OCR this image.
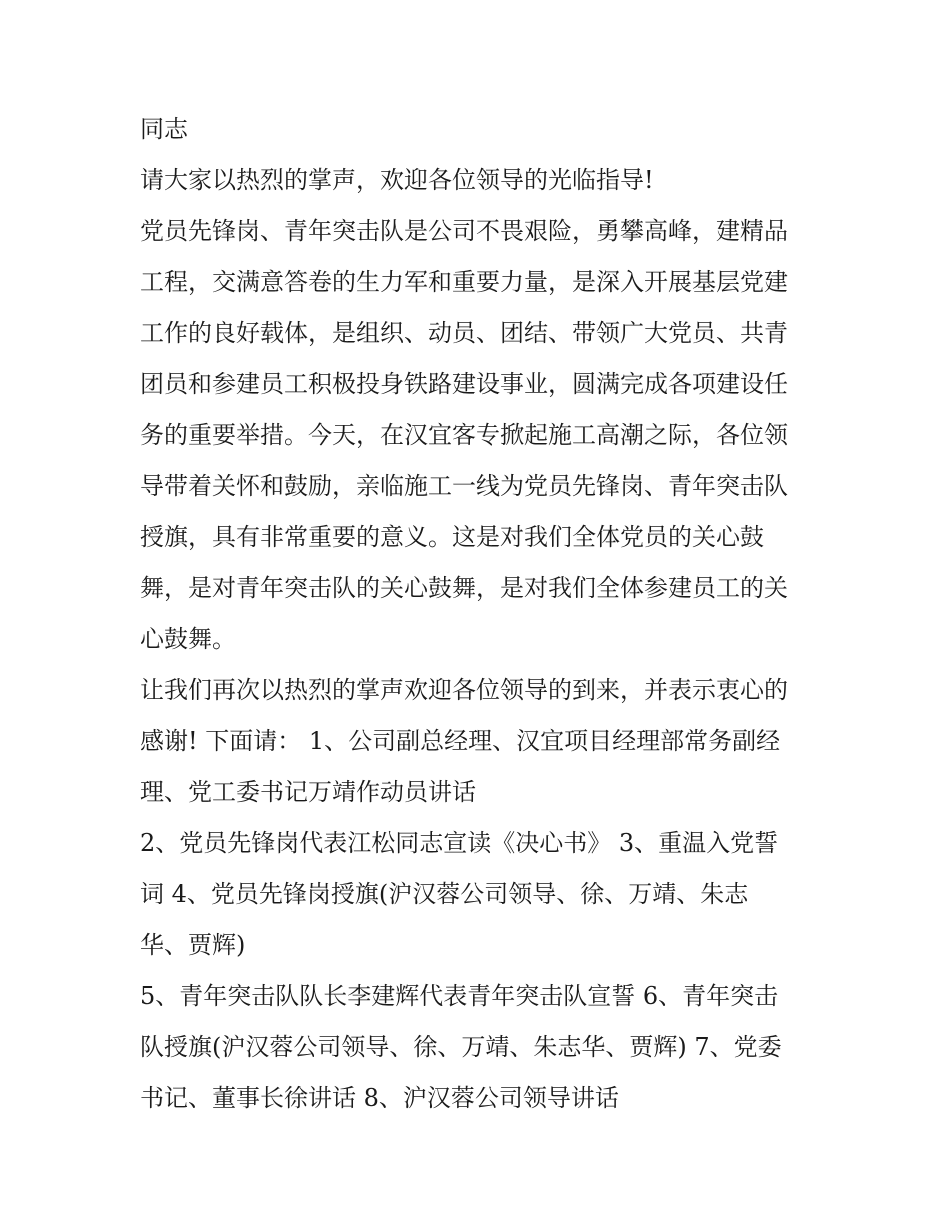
同志
请大家以热烈的掌声，欢迎各位领导的光临指导!
党员先锋岗、青年突击队是公司不畏艰险，勇攀高峰，建精品
工程，交满意答卷的生力军和重要力量，是深入开展基层党建
工作的良好载体，是组织、动员、团结、带领广大党员、共青
团员和参建员工积极投身铁路建设事业，圆满完成各项建设任
务的重要举措。今天，在汉宜客专掀起施工高潮之际，各位领
导带着关怀和鼓励，亲临施工一线为党员先锋岗、青年突击队
授旗，具有非常重要的意义。这是对我们全体党员的关心鼓
舞，是对青年突击队的关心鼓舞，是对我们全体参建员工的关
心鼓舞。
让我们再次以热烈的掌声欢迎各位领导的到来，并表示衷心的
感谢! 下面请： 1、公司副总经理、汉宜项目经理部常务副经
理、党工委书记万靖作动员讲话
2、党员先锋岗代表江松同志宣读《决心书》 3、重温入党誓
词 4、党员先锋岗授旗(沪汉蓉公司领导、徐、万靖、朱志
华、贾辉)
5、青年突击队队长李建辉代表青年突击队宣誓 6、青年突击
队授旗(沪汉蓉公司领导、徐、万靖、朱志华、贾辉) 7、党委
书记、董事长徐讲话 8、沪汉蓉公司领导讲话
